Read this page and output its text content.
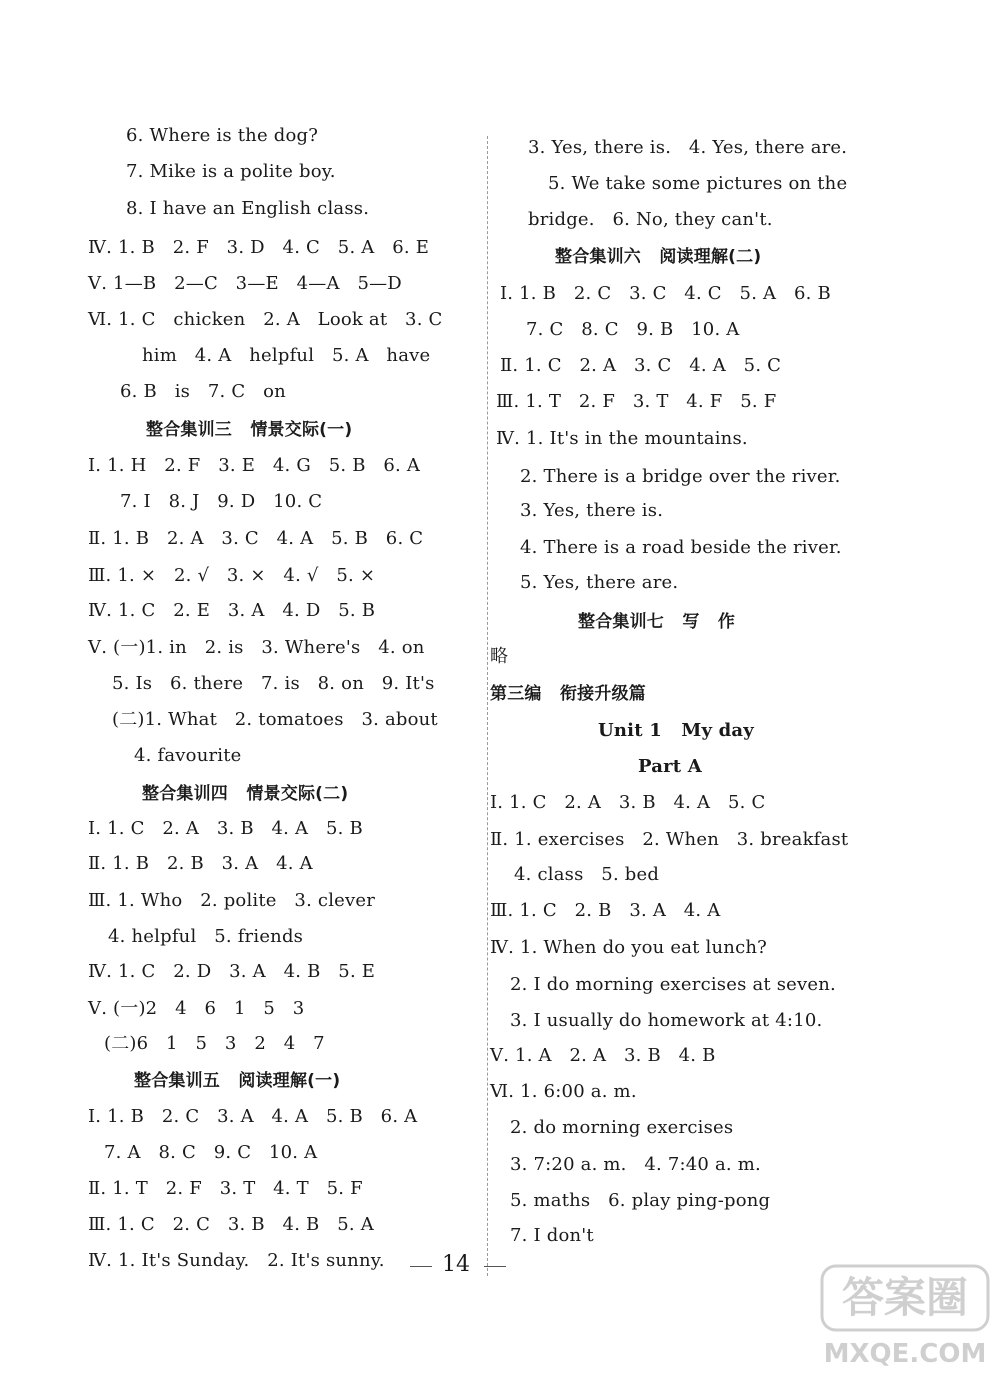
6. Where is the dog?
7. Mike is a polite boy.
8. I have an English class.
Ⅳ. 1. B   2. F   3. D   4. C   5. A   6. E
Ⅴ. 1—B   2—C   3—E   4—A   5—D
Ⅵ. 1. C   chicken   2. A   Look at   3. C
him   4. A   helpful   5. A   have
6. B   is   7. C   on
整合集训三   情景交际(一)
Ⅰ. 1. H   2. F   3. E   4. G   5. B   6. A
7. I   8. J   9. D   10. C
Ⅱ. 1. B   2. A   3. C   4. A   5. B   6. C
Ⅲ. 1. ×   2. √   3. ×   4. √   5. ×
Ⅳ. 1. C   2. E   3. A   4. D   5. B
Ⅴ. (一)1. in   2. is   3. Where's   4. on
5. Is   6. there   7. is   8. on   9. It's
(二)1. What   2. tomatoes   3. about
4. favourite
整合集训四   情景交际(二)
Ⅰ. 1. C   2. A   3. B   4. A   5. B
Ⅱ. 1. B   2. B   3. A   4. A
Ⅲ. 1. Who   2. polite   3. clever
4. helpful   5. friends
Ⅳ. 1. C   2. D   3. A   4. B   5. E
Ⅴ. (一)2   4   6   1   5   3
(二)6   1   5   3   2   4   7
整合集训五   阅读理解(一)
Ⅰ. 1. B   2. C   3. A   4. A   5. B   6. A
7. A   8. C   9. C   10. A
Ⅱ. 1. T   2. F   3. T   4. T   5. F
Ⅲ. 1. C   2. C   3. B   4. B   5. A
Ⅳ. 1. It's Sunday.   2. It's sunny.
3. Yes, there is.   4. Yes, there are.
5. We take some pictures on the
bridge.   6. No, they can't.
整合集训六   阅读理解(二)
Ⅰ. 1. B   2. C   3. C   4. C   5. A   6. B
7. C   8. C   9. B   10. A
Ⅱ. 1. C   2. A   3. C   4. A   5. C
Ⅲ. 1. T   2. F   3. T   4. F   5. F
Ⅳ. 1. It's in the mountains.
2. There is a bridge over the river.
3. Yes, there is.
4. There is a road beside the river.
5. Yes, there are.
整合集训七   写   作
略
第三编   衔接升级篇
Unit 1   My day
Part A
Ⅰ. 1. C   2. A   3. B   4. A   5. C
Ⅱ. 1. exercises   2. When   3. breakfast
4. class   5. bed
Ⅲ. 1. C   2. B   3. A   4. A
Ⅳ. 1. When do you eat lunch?
2. I do morning exercises at seven.
3. I usually do homework at 4:10.
Ⅴ. 1. A   2. A   3. B   4. B
Ⅵ. 1. 6:00 a. m.
2. do morning exercises
3. 7:20 a. m.   4. 7:40 a. m.
5. maths   6. play ping-pong
7. I don't
14
答案圈
MXQE.COM
